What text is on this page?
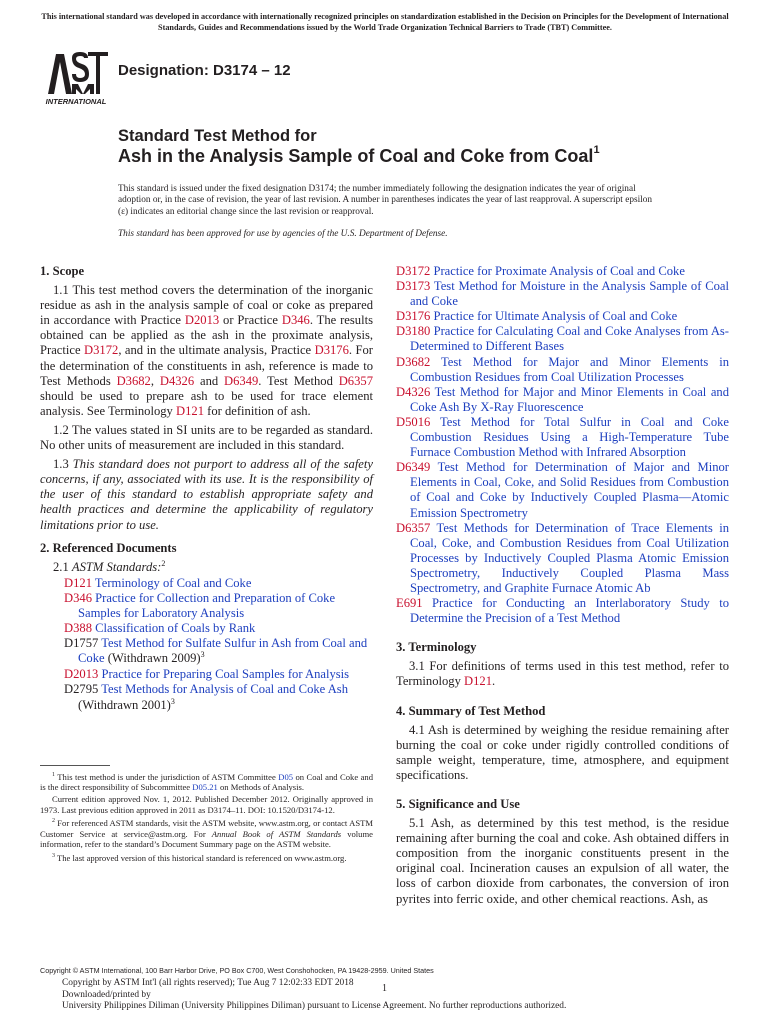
This international standard was developed in accordance with internationally recognized principles on standardization established in the Decision on Principles for the Development of International Standards, Guides and Recommendations issued by the World Trade Organization Technical Barriers to Trade (TBT) Committee.
INTERNATIONAL
Designation: D3174 – 12
Standard Test Method for
Ash in the Analysis Sample of Coal and Coke from Coal$^1$
This standard is issued under the fixed designation D3174; the number immediately following the designation indicates the year of original adoption or, in the case of revision, the year of last revision. A number in parentheses indicates the year of last reapproval. A superscript epsilon (ε) indicates an editorial change since the last revision or reapproval.
This standard has been approved for use by agencies of the U.S. Department of Defense.
1. Scope

1.1 This test method covers the determination of the inorganic residue as ash in the analysis sample of coal or coke as prepared in accordance with Practice D2013 or Practice D346. The results obtained can be applied as the ash in the proximate analysis, Practice D3172, and in the ultimate analysis, Practice D3176. For the determination of the constituents in ash, reference is made to Test Methods D3682, D4326 and D6349. Test Method D6357 should be used to prepare ash to be used for trace element analysis. See Terminology D121 for definition of ash.

1.2 The values stated in SI units are to be regarded as standard. No other units of measurement are included in this standard.

1.3 This standard does not purport to address all of the safety concerns, if any, associated with its use. It is the responsibility of the user of this standard to establish appropriate safety and health practices and determine the applicability of regulatory limitations prior to use.

2. Referenced Documents

2.1 ASTM Standards:$^2$

D121 Terminology of Coal and Coke
D346 Practice for Collection and Preparation of Coke Samples for Laboratory Analysis
D388 Classification of Coals by Rank
D1757 Test Method for Sulfate Sulfur in Ash from Coal and Coke (Withdrawn 2009)$^3$
D2013 Practice for Preparing Coal Samples for Analysis
D2795 Test Methods for Analysis of Coal and Coke Ash (Withdrawn 2001)$^3$
D3172 Practice for Proximate Analysis of Coal and Coke
D3173 Test Method for Moisture in the Analysis Sample of Coal and Coke
D3176 Practice for Ultimate Analysis of Coal and Coke
D3180 Practice for Calculating Coal and Coke Analyses from As-Determined to Different Bases
D3682 Test Method for Major and Minor Elements in Combustion Residues from Coal Utilization Processes
D4326 Test Method for Major and Minor Elements in Coal and Coke Ash By X-Ray Fluorescence
D5016 Test Method for Total Sulfur in Coal and Coke Combustion Residues Using a High-Temperature Tube Furnace Combustion Method with Infrared Absorption
D6349 Test Method for Determination of Major and Minor Elements in Coal, Coke, and Solid Residues from Combustion of Coal and Coke by Inductively Coupled Plasma—Atomic Emission Spectrometry
D6357 Test Methods for Determination of Trace Elements in Coal, Coke, and Combustion Residues from Coal Utilization Processes by Inductively Coupled Plasma Atomic Emission Spectrometry, Inductively Coupled Plasma Mass Spectrometry, and Graphite Furnace Atomic Ab
E691 Practice for Conducting an Interlaboratory Study to Determine the Precision of a Test Method
3. Terminology

3.1 For definitions of terms used in this test method, refer to Terminology D121.

4. Summary of Test Method

4.1 Ash is determined by weighing the residue remaining after burning the coal or coke under rigidly controlled conditions of sample weight, temperature, time, atmosphere, and equipment specifications.

5. Significance and Use

5.1 Ash, as determined by this test method, is the residue remaining after burning the coal and coke. Ash obtained differs in composition from the inorganic constituents present in the original coal. Incineration causes an expulsion of all water, the loss of carbon dioxide from carbonates, the conversion of iron pyrites into ferric oxide, and other chemical reactions. Ash, as

$^1$ This test method is under the jurisdiction of ASTM Committee D05 on Coal and Coke and is the direct responsibility of Subcommittee D05.21 on Methods of Analysis.

Current edition approved Nov. 1, 2012. Published December 2012. Originally approved in 1973. Last previous edition approved in 2011 as D3174–11. DOI: 10.1520/D3174-12.

$^2$ For referenced ASTM standards, visit the ASTM website, www.astm.org, or contact ASTM Customer Service at service@astm.org. For Annual Book of ASTM Standards volume information, refer to the standard’s Document Summary page on the ASTM website.

$^3$ The last approved version of this historical standard is referenced on www.astm.org.

Copyright © ASTM International, 100 Barr Harbor Drive, PO Box C700, West Conshohocken, PA 19428-2959. United States
Copyright by ASTM Int'l (all rights reserved); Tue Aug 7 12:02:33 EDT 2018
Downloaded/printed by
University Philippines Diliman (University Philippines Diliman) pursuant to License Agreement. No further reproductions authorized.
1
